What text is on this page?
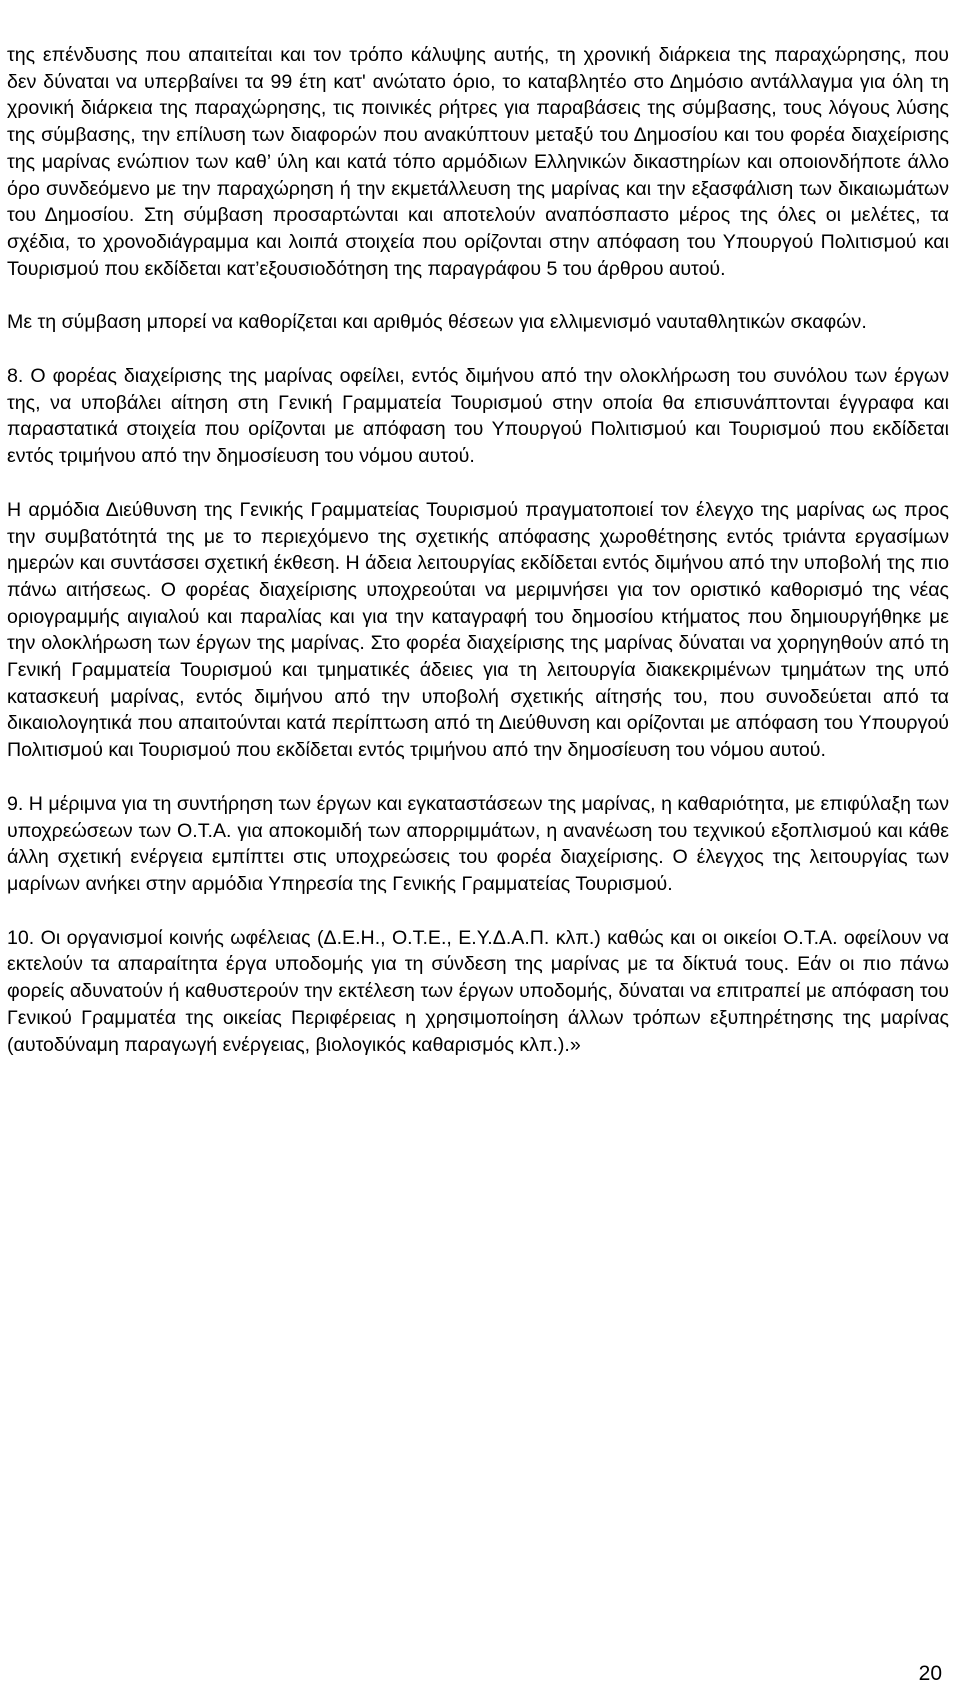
της επένδυσης που απαιτείται και τον τρόπο κάλυψης αυτής, τη χρονική διάρκεια της παραχώρησης, που δεν δύναται να υπερβαίνει τα 99 έτη κατ' ανώτατο όριο, το καταβλητέο στο Δημόσιο αντάλλαγμα για όλη τη χρονική διάρκεια της παραχώρησης, τις ποινικές ρήτρες για παραβάσεις της σύμβασης, τους λόγους λύσης της σύμβασης, την επίλυση των διαφορών που ανακύπτουν μεταξύ του Δημοσίου και του φορέα διαχείρισης της μαρίνας ενώπιον των καθ’ ύλη και κατά τόπο αρμόδιων Ελληνικών δικαστηρίων και οποιονδήποτε άλλο όρο συνδεόμενο με την παραχώρηση ή την εκμετάλλευση της μαρίνας και την εξασφάλιση των δικαιωμάτων του Δημοσίου. Στη σύμβαση προσαρτώνται και αποτελούν αναπόσπαστο μέρος της όλες οι μελέτες, τα σχέδια, το χρονοδιάγραμμα και λοιπά στοιχεία που ορίζονται στην απόφαση του Υπουργού Πολιτισμού και Τουρισμού που εκδίδεται κατ’εξουσιοδότηση της παραγράφου 5 του άρθρου αυτού.

Με τη σύμβαση μπορεί να καθορίζεται και αριθμός θέσεων για ελλιμενισμό ναυταθλητικών σκαφών.

8. Ο φορέας διαχείρισης της μαρίνας οφείλει, εντός διμήνου από την ολοκλήρωση του συνόλου των έργων της, να υποβάλει αίτηση στη Γενική Γραμματεία Τουρισμού στην οποία θα επισυνάπτονται έγγραφα και παραστατικά στοιχεία που ορίζονται με απόφαση του Υπουργού Πολιτισμού και Τουρισμού που εκδίδεται εντός τριμήνου από την δημοσίευση του νόμου αυτού.

Η αρμόδια Διεύθυνση της Γενικής Γραμματείας Τουρισμού πραγματοποιεί τον έλεγχο της μαρίνας ως προς την συμβατότητά της με το περιεχόμενο της σχετικής απόφασης χωροθέτησης εντός τριάντα εργασίμων ημερών και συντάσσει σχετική έκθεση. Η άδεια λειτουργίας εκδίδεται εντός διμήνου από την υποβολή της πιο πάνω αιτήσεως. Ο φορέας διαχείρισης υποχρεούται να μεριμνήσει για τον οριστικό καθορισμό της νέας οριογραμμής αιγιαλού και παραλίας και για την καταγραφή του δημοσίου κτήματος που δημιουργήθηκε με την ολοκλήρωση των έργων της μαρίνας. Στο φορέα διαχείρισης της μαρίνας δύναται να χορηγηθούν από τη Γενική Γραμματεία Τουρισμού και τμηματικές άδειες για τη λειτουργία διακεκριμένων τμημάτων της υπό κατασκευή μαρίνας, εντός διμήνου από την υποβολή σχετικής αίτησής του, που συνοδεύεται από τα δικαιολογητικά που απαιτούνται κατά περίπτωση από τη Διεύθυνση και ορίζονται με απόφαση του Υπουργού Πολιτισμού και Τουρισμού που εκδίδεται εντός τριμήνου από την δημοσίευση του νόμου αυτού.

9. Η μέριμνα για τη συντήρηση των έργων και εγκαταστάσεων της μαρίνας, η καθαριότητα, με επιφύλαξη των υποχρεώσεων των Ο.Τ.Α. για αποκομιδή των απορριμμάτων, η ανανέωση του τεχνικού εξοπλισμού και κάθε άλλη σχετική ενέργεια εμπίπτει στις υποχρεώσεις του φορέα διαχείρισης. Ο έλεγχος της λειτουργίας των μαρίνων ανήκει στην αρμόδια Υπηρεσία της Γενικής Γραμματείας Τουρισμού.

10. Οι οργανισμοί κοινής ωφέλειας (Δ.Ε.Η., Ο.Τ.Ε., Ε.Υ.Δ.Α.Π. κλπ.) καθώς και οι οικείοι Ο.Τ.Α. οφείλουν να εκτελούν τα απαραίτητα έργα υποδομής για τη σύνδεση της μαρίνας με τα δίκτυά τους. Εάν οι πιο πάνω φορείς αδυνατούν ή καθυστερούν την εκτέλεση των έργων υποδομής, δύναται να επιτραπεί με απόφαση του Γενικού Γραμματέα της οικείας Περιφέρειας η χρησιμοποίηση άλλων τρόπων εξυπηρέτησης της μαρίνας (αυτοδύναμη παραγωγή ενέργειας, βιολογικός καθαρισμός κλπ.).»

20
